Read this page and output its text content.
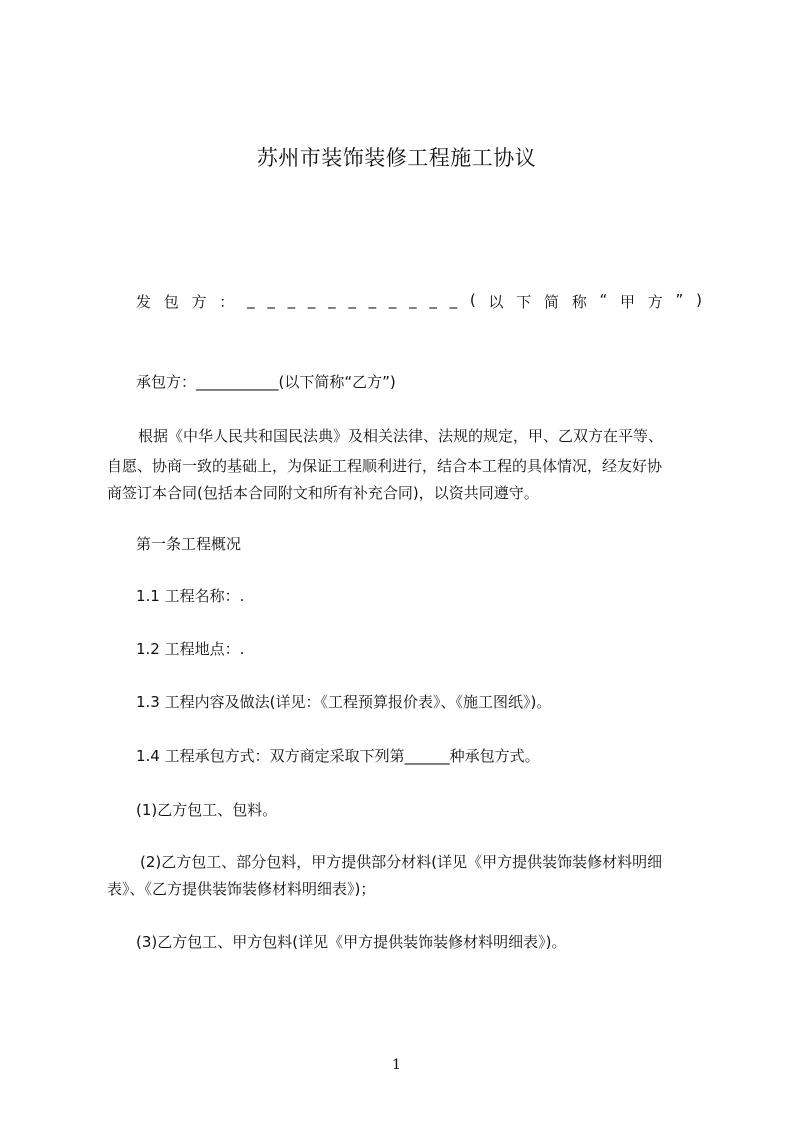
苏州市装饰装修工程施工协议
发 包 方 ： _ _ _ _ _ _ _ _ _ _ _ ( 以 下 简 称 “ 甲 方 ” )
承包方：___________(以下简称“乙方”)
根据《中华人民共和国民法典》及相关法律、法规的规定，甲、乙双方在平等、
自愿、协商一致的基础上，为保证工程顺利进行，结合本工程的具体情况，经友好协
商签订本合同(包括本合同附文和所有补充合同)，以资共同遵守。
第一条工程概况
1.1 工程名称：.
1.2 工程地点：.
1.3 工程内容及做法(详见：《工程预算报价表》、《施工图纸》)。
1.4 工程承包方式：双方商定采取下列第______种承包方式。
(1)乙方包工、包料。
(2)乙方包工、部分包料，甲方提供部分材料(详见《甲方提供装饰装修材料明细
表》、《乙方提供装饰装修材料明细表》)；
(3)乙方包工、甲方包料(详见《甲方提供装饰装修材料明细表》)。
1
